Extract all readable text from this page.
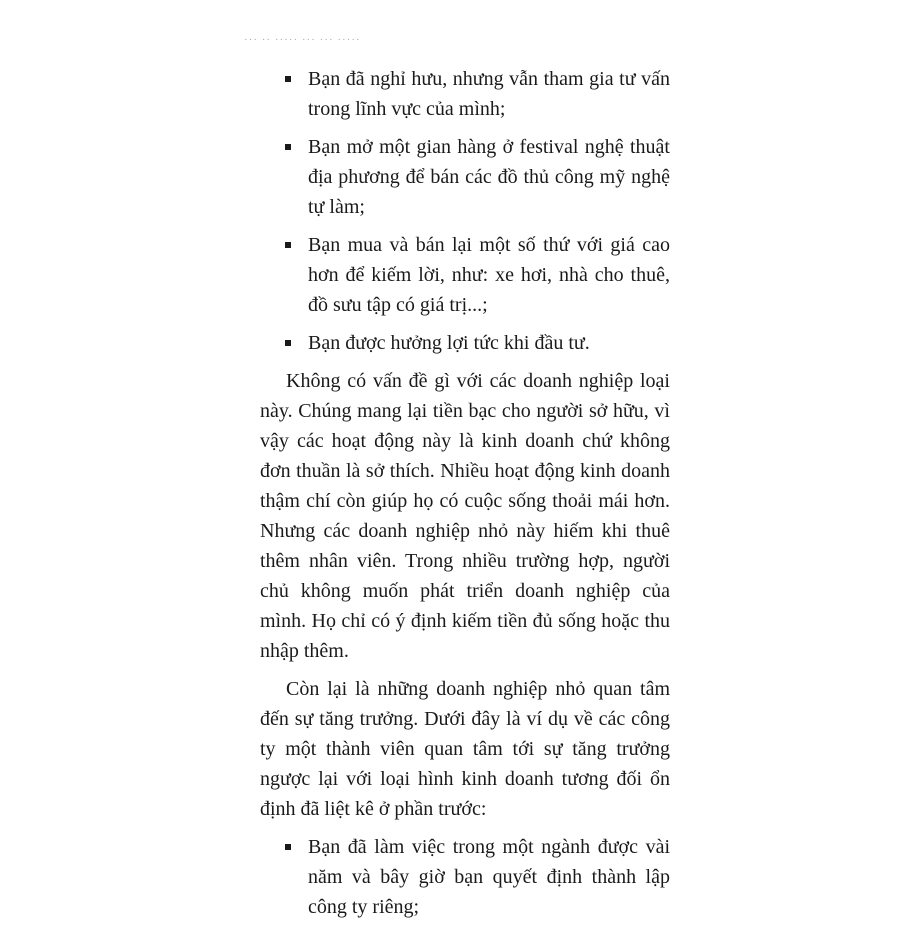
··· ·· ····· ··· ··· ·····
Bạn đã nghỉ hưu, nhưng vẫn tham gia tư vấn trong lĩnh vực của mình;
Bạn mở một gian hàng ở festival nghệ thuật địa phương để bán các đồ thủ công mỹ nghệ tự làm;
Bạn mua và bán lại một số thứ với giá cao hơn để kiếm lời, như: xe hơi, nhà cho thuê, đồ sưu tập có giá trị...;
Bạn được hưởng lợi tức khi đầu tư.

Không có vấn đề gì với các doanh nghiệp loại này. Chúng mang lại tiền bạc cho người sở hữu, vì vậy các hoạt động này là kinh doanh chứ không đơn thuần là sở thích. Nhiều hoạt động kinh doanh thậm chí còn giúp họ có cuộc sống thoải mái hơn. Nhưng các doanh nghiệp nhỏ này hiếm khi thuê thêm nhân viên. Trong nhiều trường hợp, người chủ không muốn phát triển doanh nghiệp của mình. Họ chỉ có ý định kiếm tiền đủ sống hoặc thu nhập thêm.

Còn lại là những doanh nghiệp nhỏ quan tâm đến sự tăng trưởng. Dưới đây là ví dụ về các công ty một thành viên quan tâm tới sự tăng trưởng ngược lại với loại hình kinh doanh tương đối ổn định đã liệt kê ở phần trước:

Bạn đã làm việc trong một ngành được vài năm và bây giờ bạn quyết định thành lập công ty riêng;
